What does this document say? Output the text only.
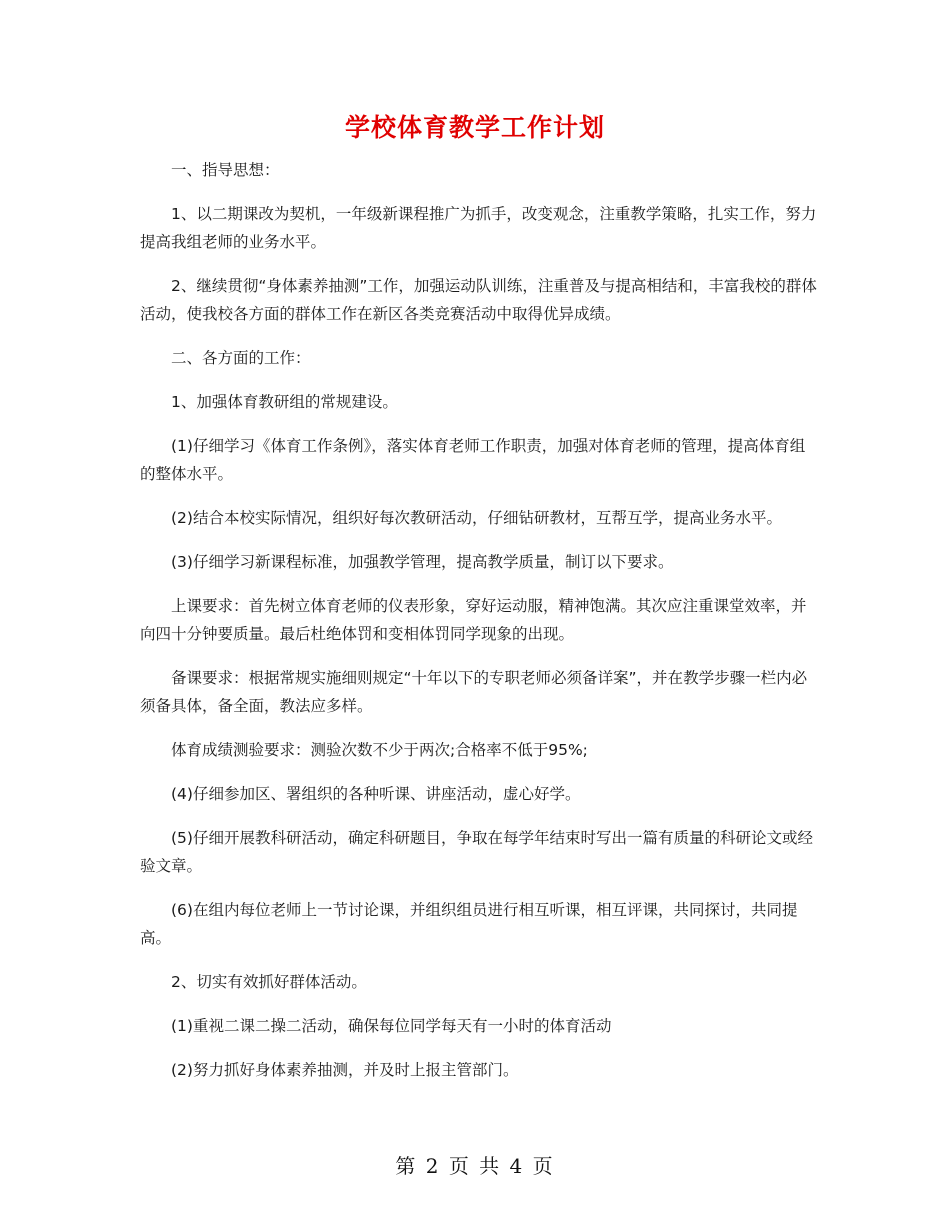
学校体育教学工作计划

一、指导思想：

1、以二期课改为契机，一年级新课程推广为抓手，改变观念，注重教学策略，扎实工作，努力提高我组老师的业务水平。

2、继续贯彻“身体素养抽测”工作，加强运动队训练，注重普及与提高相结和，丰富我校的群体活动，使我校各方面的群体工作在新区各类竞赛活动中取得优异成绩。

二、各方面的工作：

1、加强体育教研组的常规建设。

(1)仔细学习《体育工作条例》，落实体育老师工作职责，加强对体育老师的管理，提高体育组的整体水平。

(2)结合本校实际情况，组织好每次教研活动，仔细钻研教材，互帮互学，提高业务水平。

(3)仔细学习新课程标准，加强教学管理，提高教学质量，制订以下要求。

上课要求：首先树立体育老师的仪表形象，穿好运动服，精神饱满。其次应注重课堂效率，并向四十分钟要质量。最后杜绝体罚和变相体罚同学现象的出现。

备课要求：根据常规实施细则规定“十年以下的专职老师必须备详案”，并在教学步骤一栏内必须备具体，备全面，教法应多样。

体育成绩测验要求：测验次数不少于两次;合格率不低于95%;

(4)仔细参加区、署组织的各种听课、讲座活动，虚心好学。

(5)仔细开展教科研活动，确定科研题目，争取在每学年结束时写出一篇有质量的科研论文或经验文章。

(6)在组内每位老师上一节讨论课，并组织组员进行相互听课，相互评课，共同探讨，共同提高。

2、切实有效抓好群体活动。

(1)重视二课二操二活动，确保每位同学每天有一小时的体育活动

(2)努力抓好身体素养抽测，并及时上报主管部门。

第 2 页 共 4 页
